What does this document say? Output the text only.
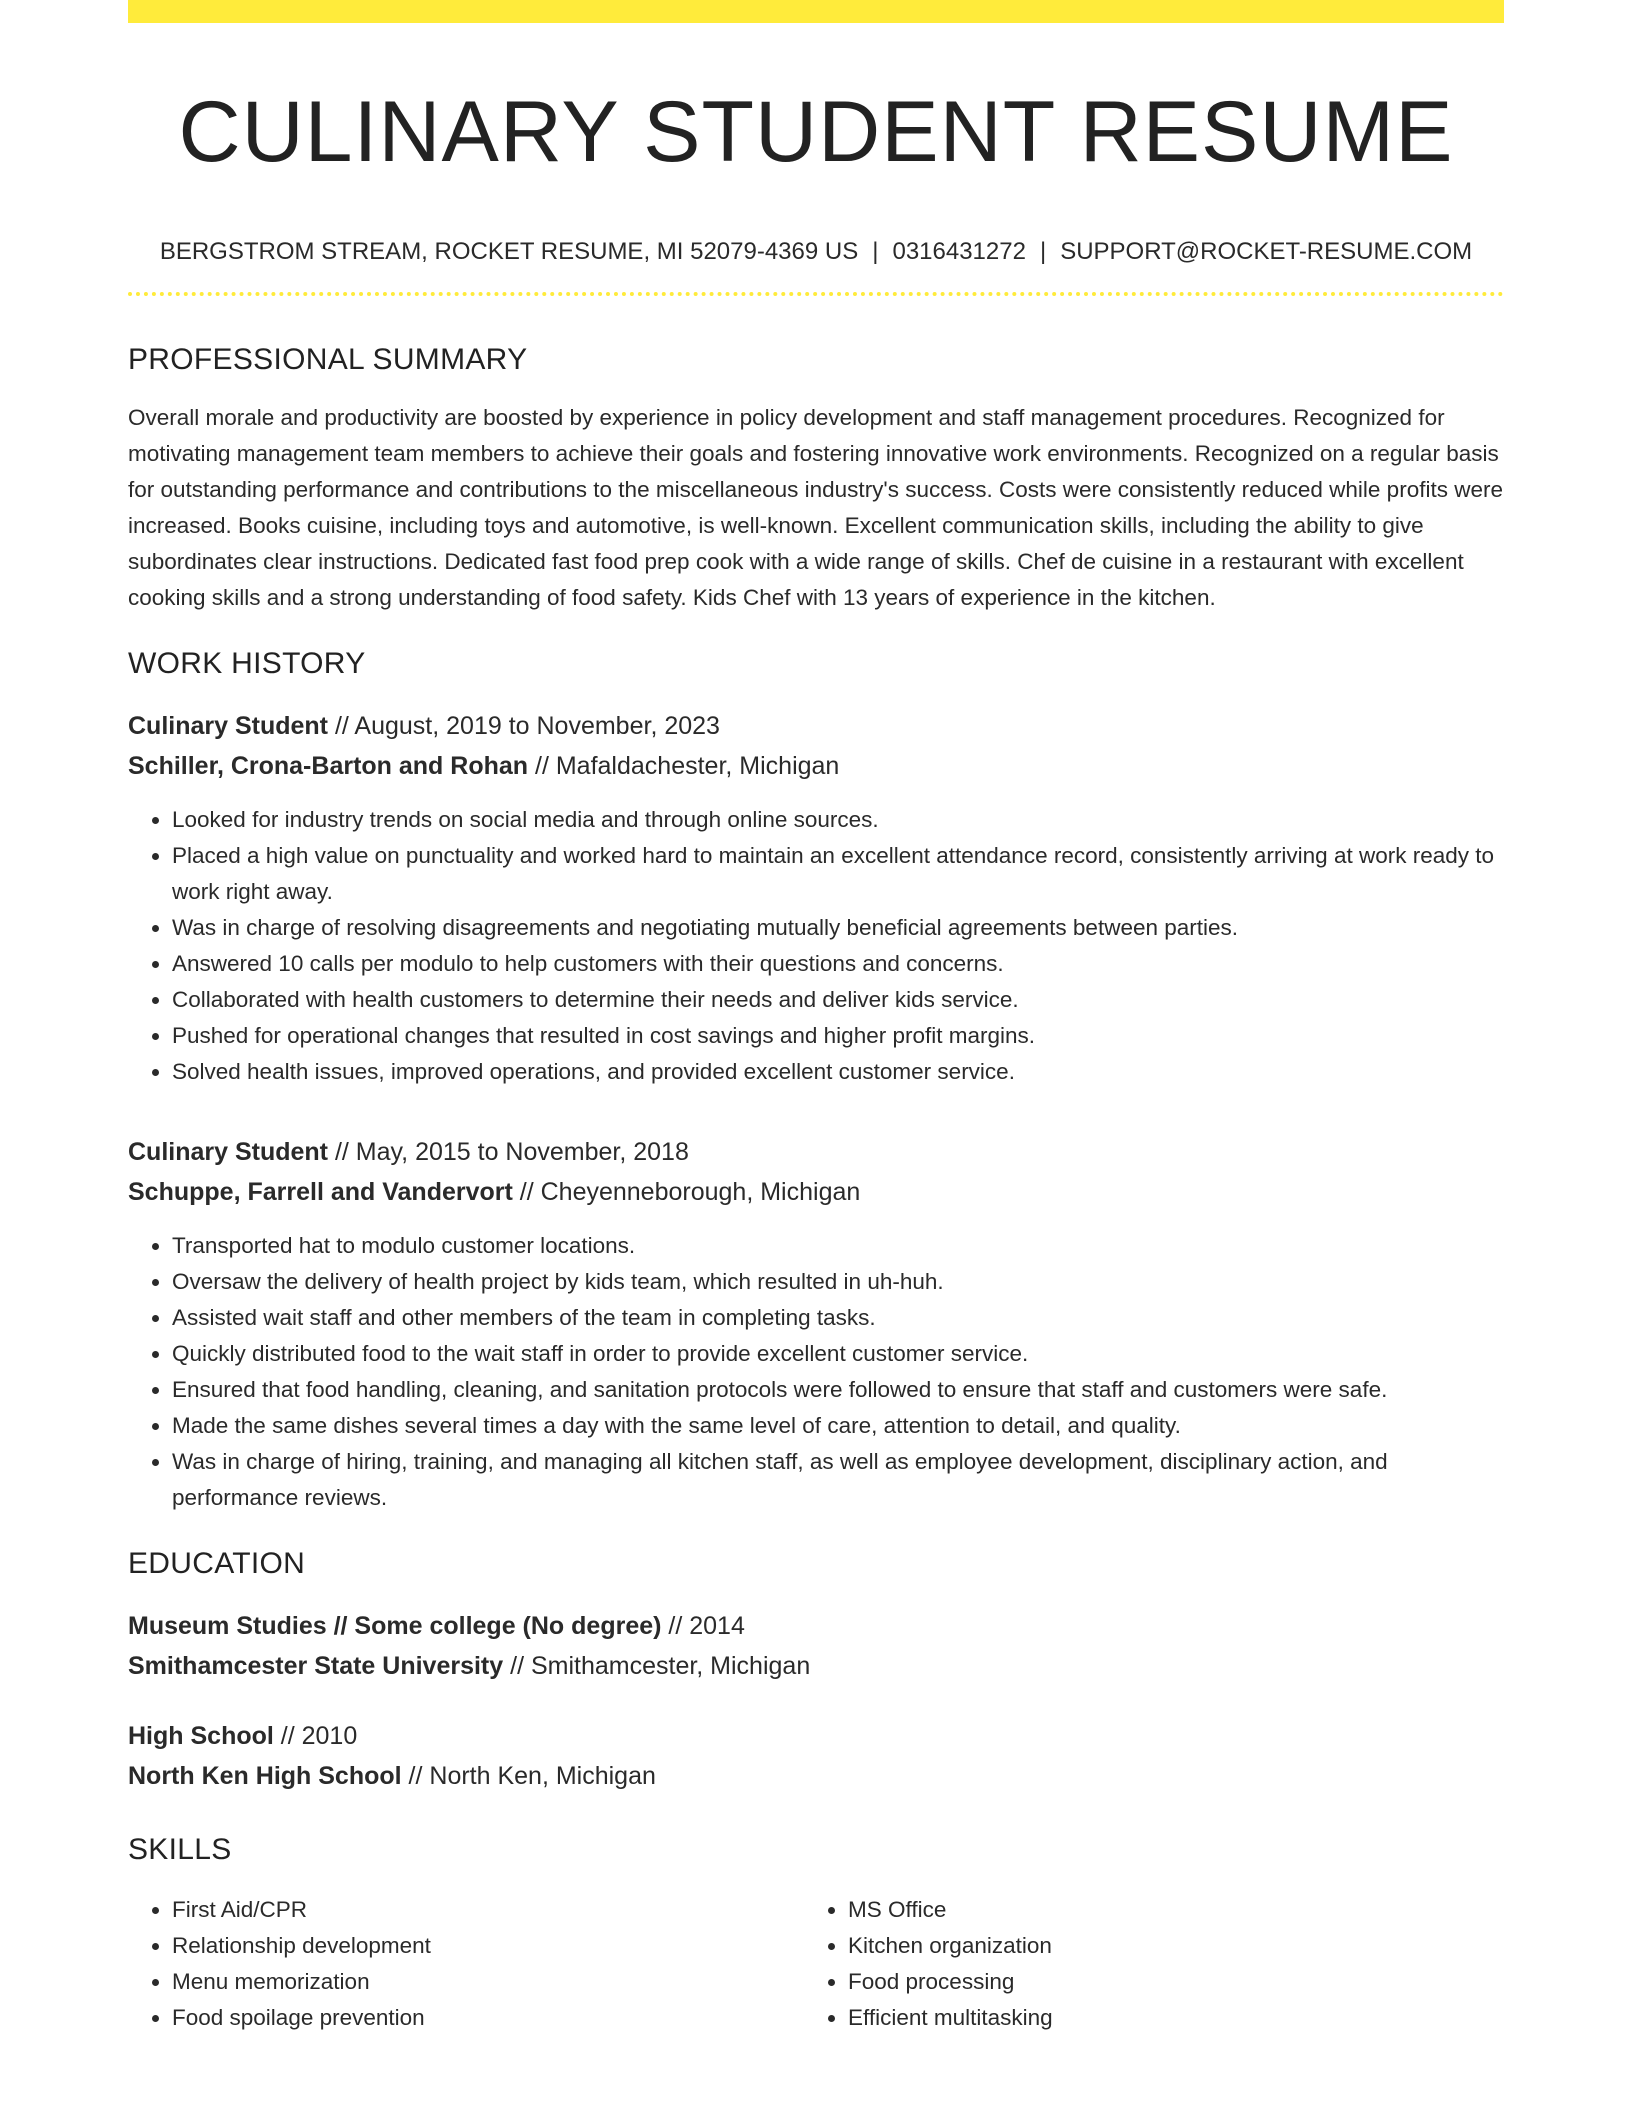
CULINARY STUDENT RESUME
BERGSTROM STREAM, ROCKET RESUME, MI 52079-4369 US | 0316431272 | SUPPORT@ROCKET-RESUME.COM
PROFESSIONAL SUMMARY

Overall morale and productivity are boosted by experience in policy development and staff management procedures. Recognized for motivating management team members to achieve their goals and fostering innovative work environments. Recognized on a regular basis for outstanding performance and contributions to the miscellaneous industry's success. Costs were consistently reduced while profits were increased. Books cuisine, including toys and automotive, is well-known. Excellent communication skills, including the ability to give subordinates clear instructions. Dedicated fast food prep cook with a wide range of skills. Chef de cuisine in a restaurant with excellent cooking skills and a strong understanding of food safety. Kids Chef with 13 years of experience in the kitchen.

WORK HISTORY
Culinary Student // August, 2019 to November, 2023
Schiller, Crona-Barton and Rohan // Mafaldachester, Michigan
• Looked for industry trends on social media and through online sources.
• Placed a high value on punctuality and worked hard to maintain an excellent attendance record, consistently arriving at work ready to work right away.
• Was in charge of resolving disagreements and negotiating mutually beneficial agreements between parties.
• Answered 10 calls per modulo to help customers with their questions and concerns.
• Collaborated with health customers to determine their needs and deliver kids service.
• Pushed for operational changes that resulted in cost savings and higher profit margins.
• Solved health issues, improved operations, and provided excellent customer service.
Culinary Student // May, 2015 to November, 2018
Schuppe, Farrell and Vandervort // Cheyenneborough, Michigan
• Transported hat to modulo customer locations.
• Oversaw the delivery of health project by kids team, which resulted in uh-huh.
• Assisted wait staff and other members of the team in completing tasks.
• Quickly distributed food to the wait staff in order to provide excellent customer service.
• Ensured that food handling, cleaning, and sanitation protocols were followed to ensure that staff and customers were safe.
• Made the same dishes several times a day with the same level of care, attention to detail, and quality.
• Was in charge of hiring, training, and managing all kitchen staff, as well as employee development, disciplinary action, and performance reviews.
EDUCATION
Museum Studies // Some college (No degree) // 2014
Smithamcester State University // Smithamcester, Michigan
High School // 2010
North Ken High School // North Ken, Michigan
SKILLS
• First Aid/CPR
• Relationship development
• Menu memorization
• Food spoilage prevention
• MS Office
• Kitchen organization
• Food processing
• Efficient multitasking
